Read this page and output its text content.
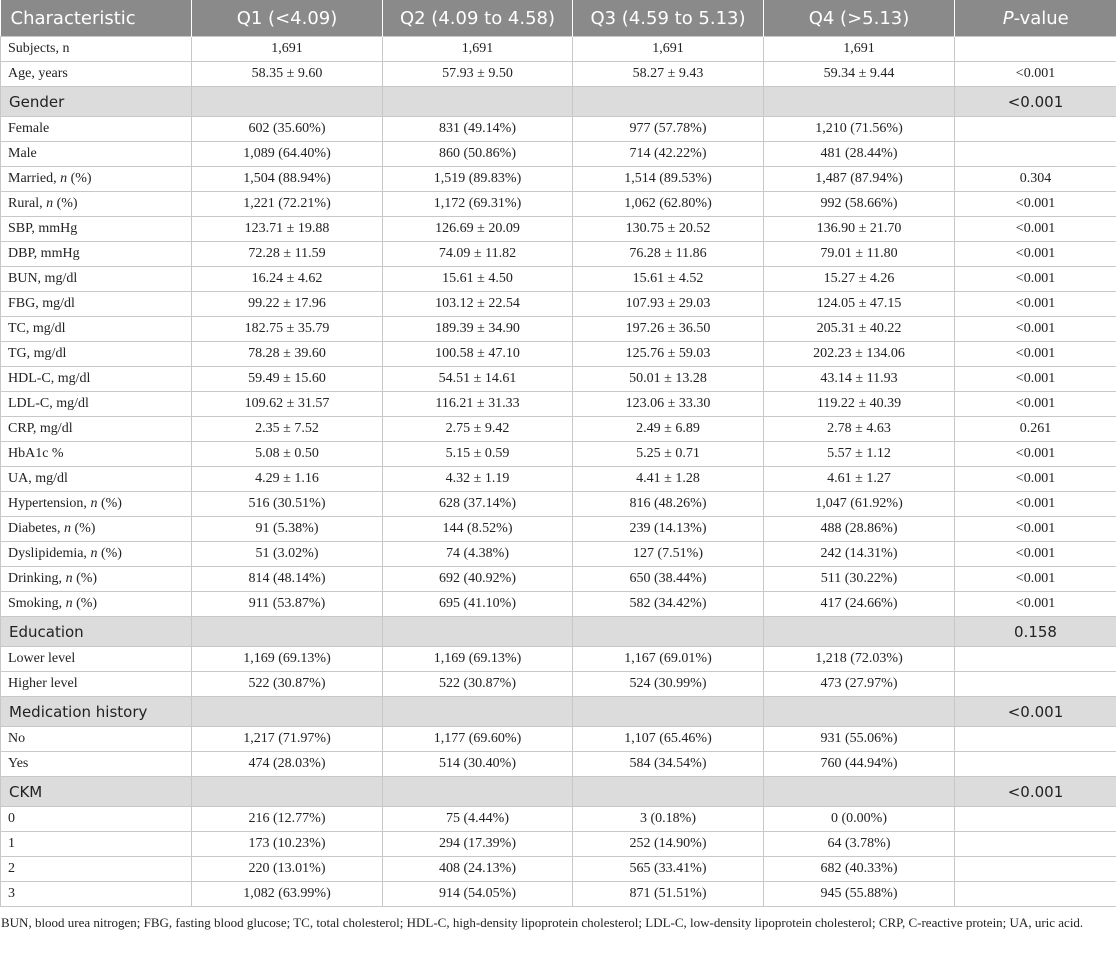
Characteristic	Q1 (<4.09)	Q2 (4.09 to 4.58)	Q3 (4.59 to 5.13)	Q4 (>5.13)	P-value
Subjects, n	1,691	1,691	1,691	1,691	
Age, years	58.35 ± 9.60	57.93 ± 9.50	58.27 ± 9.43	59.34 ± 9.44	<0.001
Gender					<0.001
Female	602 (35.60%)	831 (49.14%)	977 (57.78%)	1,210 (71.56%)	
Male	1,089 (64.40%)	860 (50.86%)	714 (42.22%)	481 (28.44%)	
Married, n (%)	1,504 (88.94%)	1,519 (89.83%)	1,514 (89.53%)	1,487 (87.94%)	0.304
Rural, n (%)	1,221 (72.21%)	1,172 (69.31%)	1,062 (62.80%)	992 (58.66%)	<0.001
SBP, mmHg	123.71 ± 19.88	126.69 ± 20.09	130.75 ± 20.52	136.90 ± 21.70	<0.001
DBP, mmHg	72.28 ± 11.59	74.09 ± 11.82	76.28 ± 11.86	79.01 ± 11.80	<0.001
BUN, mg/dl	16.24 ± 4.62	15.61 ± 4.50	15.61 ± 4.52	15.27 ± 4.26	<0.001
FBG, mg/dl	99.22 ± 17.96	103.12 ± 22.54	107.93 ± 29.03	124.05 ± 47.15	<0.001
TC, mg/dl	182.75 ± 35.79	189.39 ± 34.90	197.26 ± 36.50	205.31 ± 40.22	<0.001
TG, mg/dl	78.28 ± 39.60	100.58 ± 47.10	125.76 ± 59.03	202.23 ± 134.06	<0.001
HDL-C, mg/dl	59.49 ± 15.60	54.51 ± 14.61	50.01 ± 13.28	43.14 ± 11.93	<0.001
LDL-C, mg/dl	109.62 ± 31.57	116.21 ± 31.33	123.06 ± 33.30	119.22 ± 40.39	<0.001
CRP, mg/dl	2.35 ± 7.52	2.75 ± 9.42	2.49 ± 6.89	2.78 ± 4.63	0.261
HbA1c %	5.08 ± 0.50	5.15 ± 0.59	5.25 ± 0.71	5.57 ± 1.12	<0.001
UA, mg/dl	4.29 ± 1.16	4.32 ± 1.19	4.41 ± 1.28	4.61 ± 1.27	<0.001
Hypertension, n (%)	516 (30.51%)	628 (37.14%)	816 (48.26%)	1,047 (61.92%)	<0.001
Diabetes, n (%)	91 (5.38%)	144 (8.52%)	239 (14.13%)	488 (28.86%)	<0.001
Dyslipidemia, n (%)	51 (3.02%)	74 (4.38%)	127 (7.51%)	242 (14.31%)	<0.001
Drinking, n (%)	814 (48.14%)	692 (40.92%)	650 (38.44%)	511 (30.22%)	<0.001
Smoking, n (%)	911 (53.87%)	695 (41.10%)	582 (34.42%)	417 (24.66%)	<0.001
Education					0.158
Lower level	1,169 (69.13%)	1,169 (69.13%)	1,167 (69.01%)	1,218 (72.03%)	
Higher level	522 (30.87%)	522 (30.87%)	524 (30.99%)	473 (27.97%)	
Medication history					<0.001
No	1,217 (71.97%)	1,177 (69.60%)	1,107 (65.46%)	931 (55.06%)	
Yes	474 (28.03%)	514 (30.40%)	584 (34.54%)	760 (44.94%)	
CKM					<0.001
0	216 (12.77%)	75 (4.44%)	3 (0.18%)	0 (0.00%)	
1	173 (10.23%)	294 (17.39%)	252 (14.90%)	64 (3.78%)	
2	220 (13.01%)	408 (24.13%)	565 (33.41%)	682 (40.33%)	
3	1,082 (63.99%)	914 (54.05%)	871 (51.51%)	945 (55.88%)	
BUN, blood urea nitrogen; FBG, fasting blood glucose; TC, total cholesterol; HDL-C, high-density lipoprotein cholesterol; LDL-C, low-density lipoprotein cholesterol; CRP, C-reactive protein; UA, uric acid.
